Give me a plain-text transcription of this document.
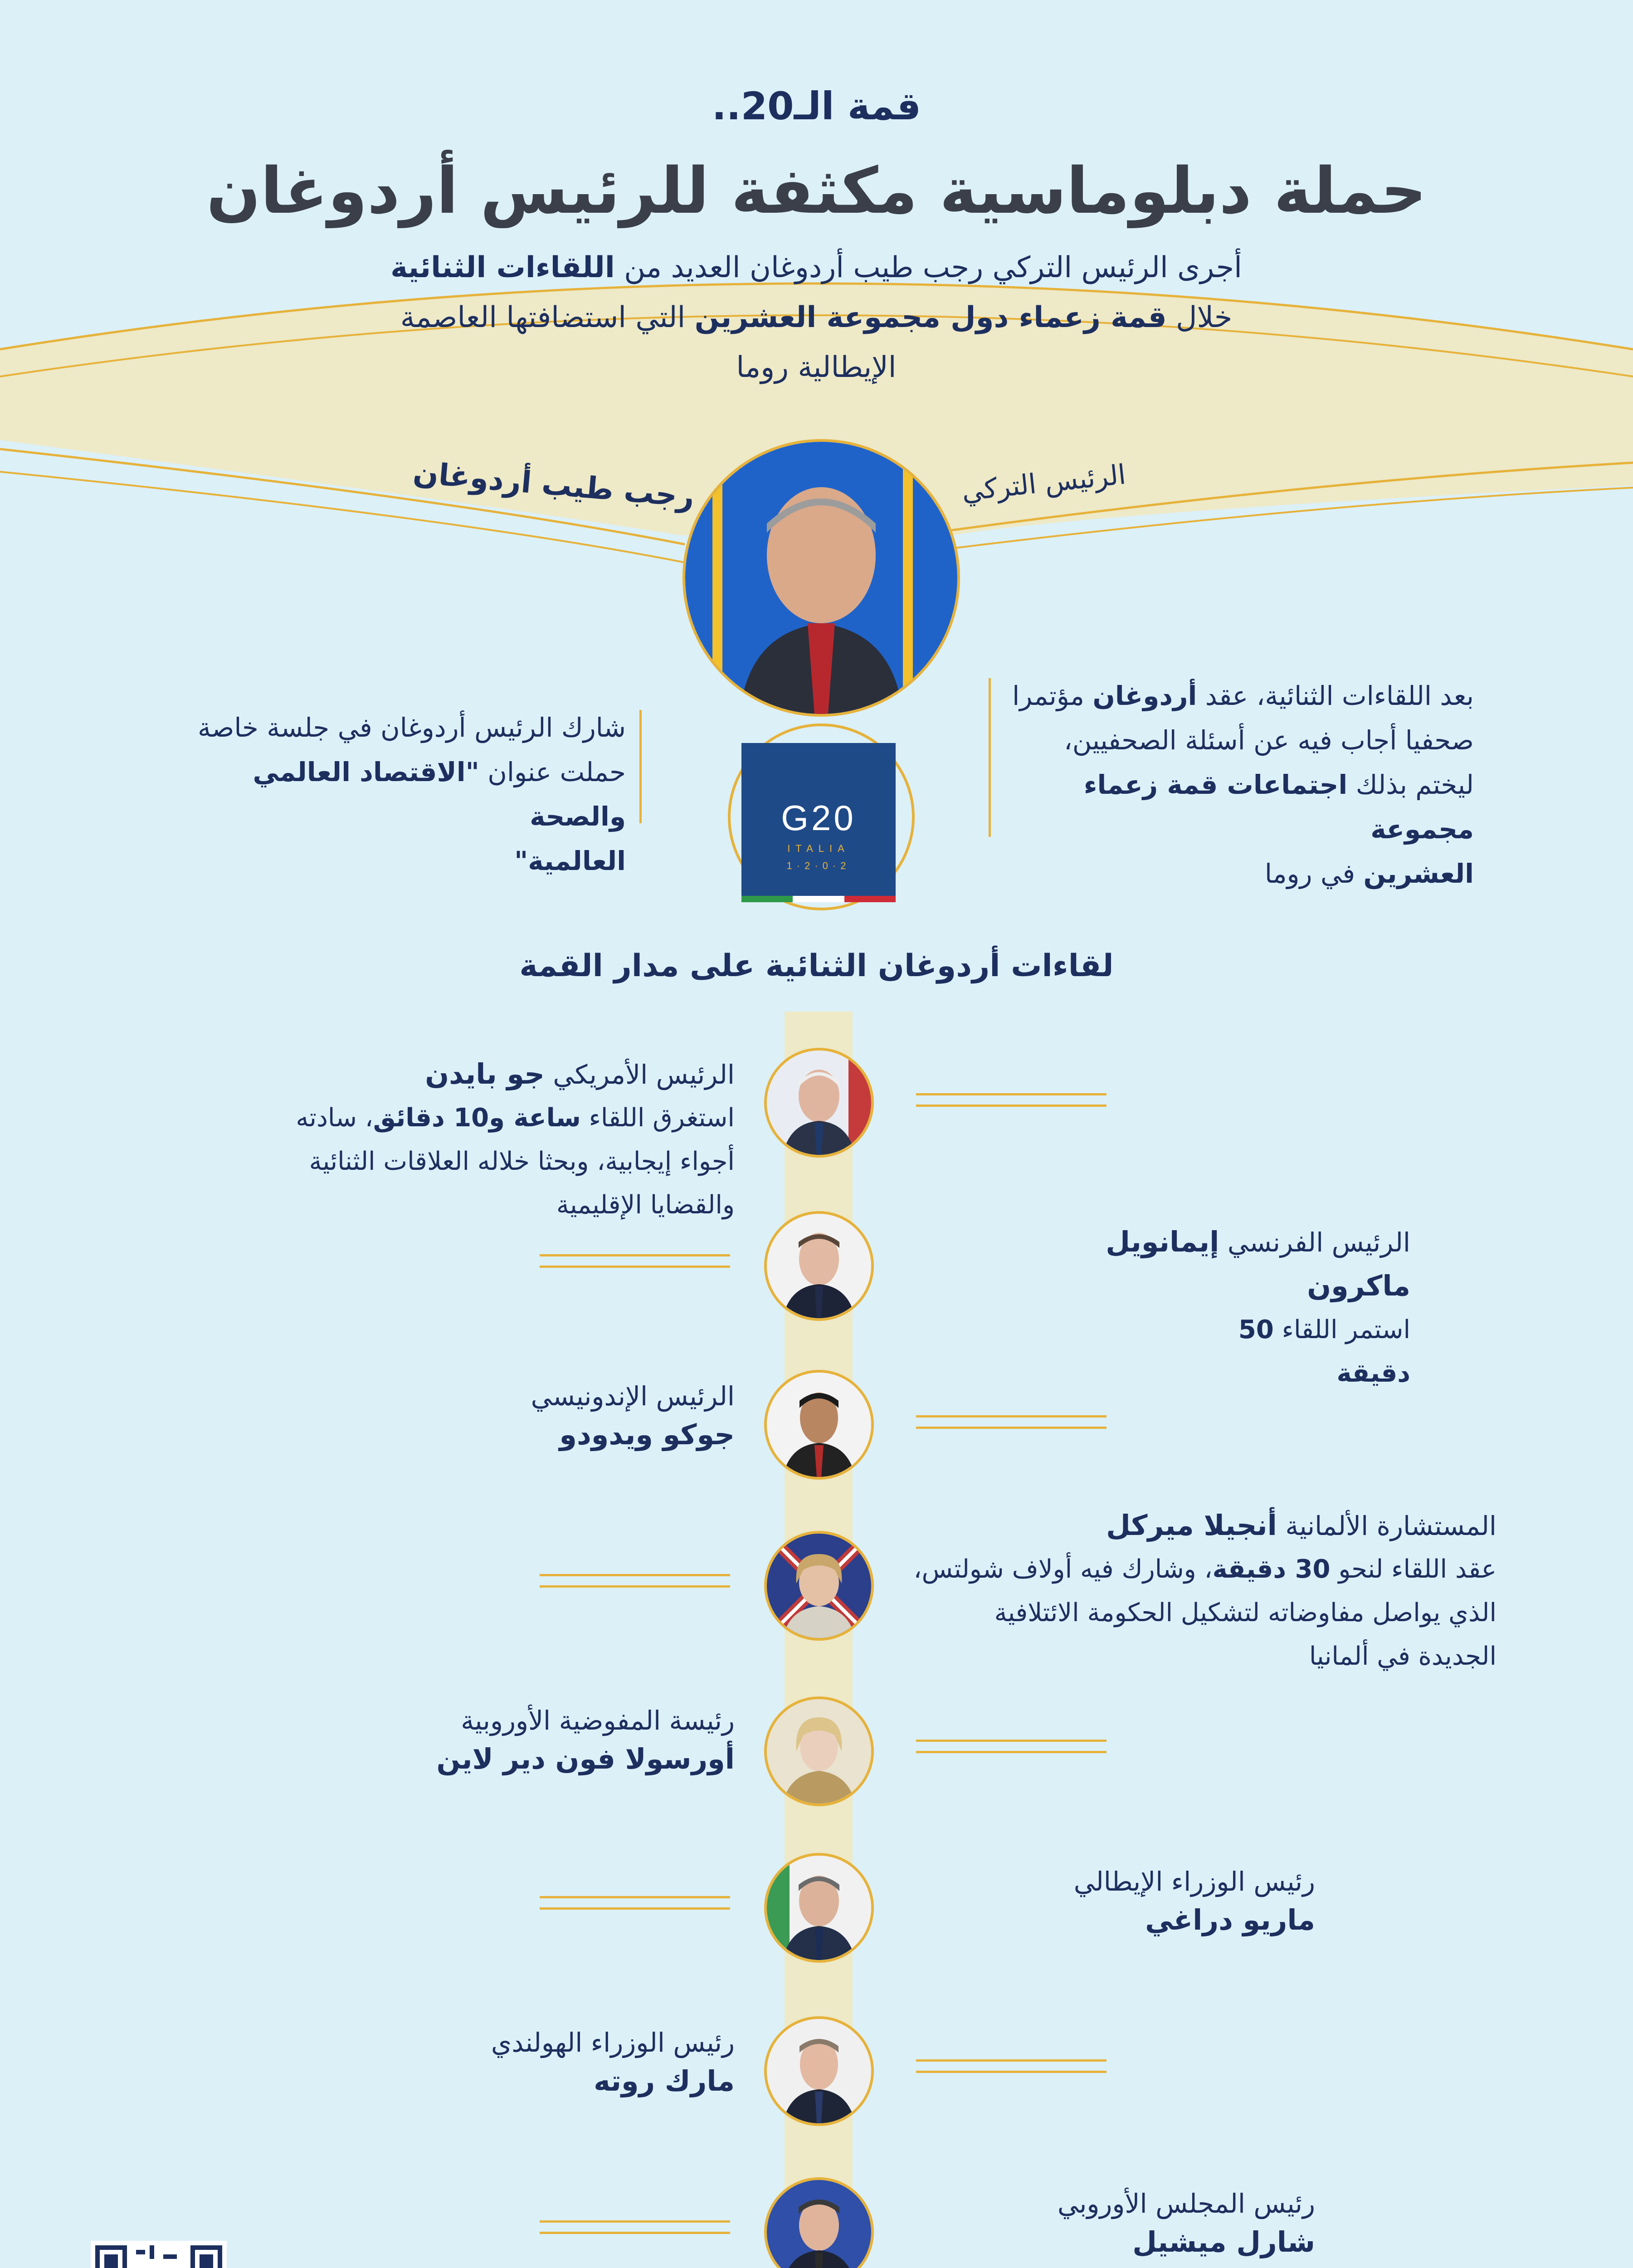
قمة الـ20..
حملة دبلوماسية مكثفة للرئيس أردوغان
أجرى الرئيس التركي رجب طيب أردوغان العديد من اللقاءات الثنائية
خلال قمة زعماء دول مجموعة العشرين التي استضافتها العاصمة
الإيطالية روما
الرئيس التركي
رجب طيب أردوغان
G20
ITALIA
2·0·2·1
بعد اللقاءات الثنائية، عقد أردوغان مؤتمرا
صحفيا أجاب فيه عن أسئلة الصحفيين،
ليختم بذلك اجتماعات قمة زعماء مجموعة
العشرين في روما
شارك الرئيس أردوغان في جلسة خاصة
حملت عنوان "الاقتصاد العالمي والصحة
العالمية"
لقاءات أردوغان الثنائية على مدار القمة
الرئيس الأمريكي جو بايدن
استغرق اللقاء ساعة و10 دقائق، سادته
أجواء إيجابية، وبحثا خلاله العلاقات الثنائية
والقضايا الإقليمية
الرئيس الفرنسي إيمانويل ماكرون
استمر اللقاء 50 دقيقة
الرئيس الإندونيسي
جوكو ويدودو
المستشارة الألمانية أنجيلا ميركل
عقد اللقاء لنحو 30 دقيقة، وشارك فيه أولاف شولتس،
الذي يواصل مفاوضاته لتشكيل الحكومة الائتلافية
الجديدة في ألمانيا
رئيسة المفوضية الأوروبية
أورسولا فون دير لاين
رئيس الوزراء الإيطالي
ماريو دراغي
رئيس الوزراء الهولندي
مارك روته
رئيس المجلس الأوروبي
شارل ميشيل
